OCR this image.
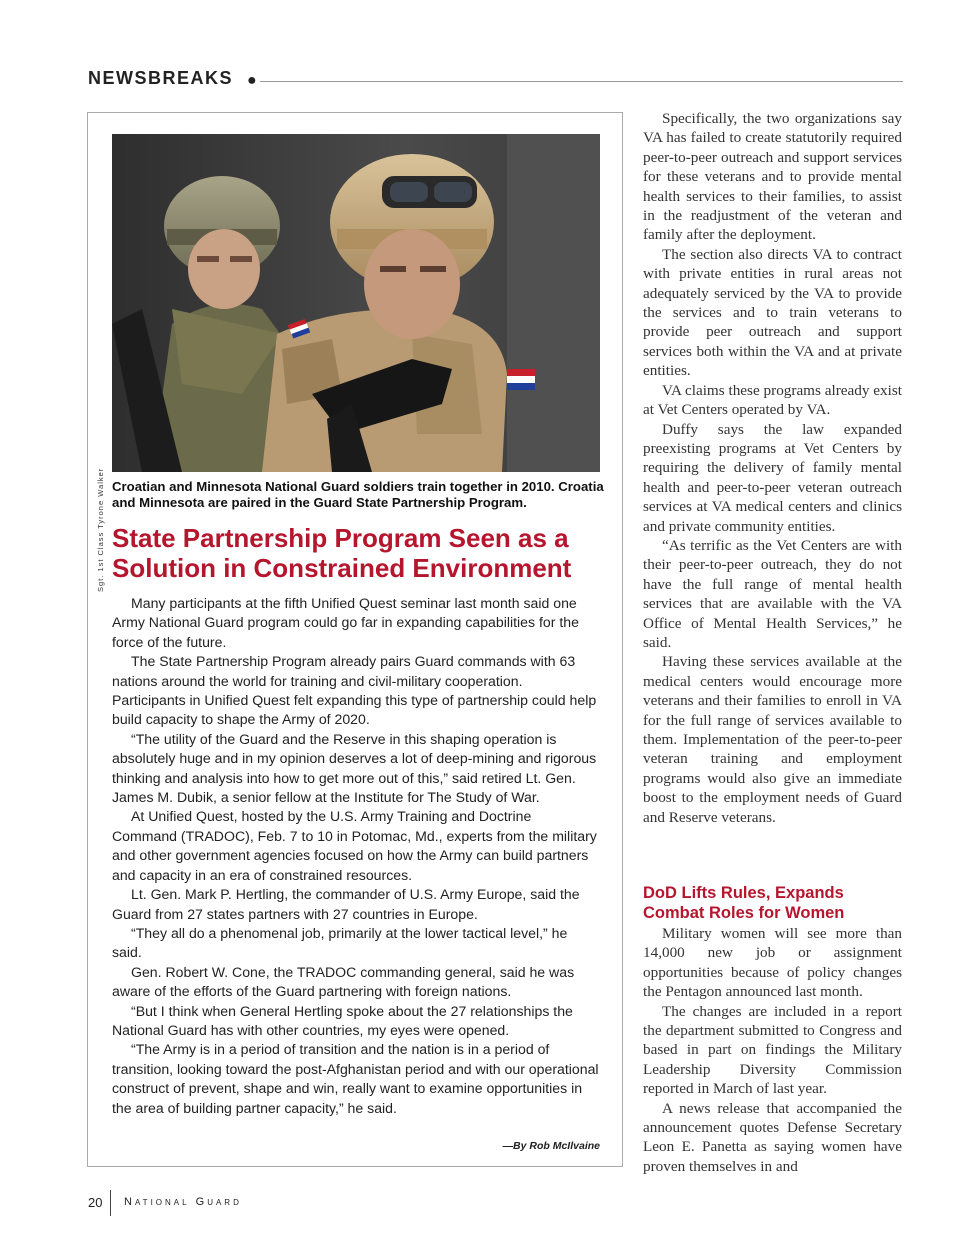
NEWSBREAKS ●
Sgt. 1st Class Tyrone Walker Croatian and Minnesota National Guard soldiers train together in 2010. Croatia and Minnesota are paired in the Guard State Partnership Program.
State Partnership Program Seen as a Solution in Constrained Environment

Many participants at the fifth Unified Quest seminar last month said one Army National Guard program could go far in expanding capabilities for the force of the future.

The State Partnership Program already pairs Guard commands with 63 nations around the world for training and civil-military cooperation. Participants in Unified Quest felt expanding this type of partnership could help build capacity to shape the Army of 2020.

“The utility of the Guard and the Reserve in this shaping operation is absolutely huge and in my opinion deserves a lot of deep-mining and rigorous thinking and analysis into how to get more out of this,” said retired Lt. Gen. James M. Dubik, a senior fellow at the Institute for The Study of War.

At Unified Quest, hosted by the U.S. Army Training and Doctrine Command (TRADOC), Feb. 7 to 10 in Potomac, Md., experts from the military and other government agencies focused on how the Army can build partners and capacity in an era of constrained resources.

Lt. Gen. Mark P. Hertling, the commander of U.S. Army Europe, said the Guard from 27 states partners with 27 countries in Europe.

“They all do a phenomenal job, primarily at the lower tactical level,” he said.

Gen. Robert W. Cone, the TRADOC commanding general, said he was aware of the efforts of the Guard partnering with foreign nations.

“But I think when General Hertling spoke about the 27 relationships the National Guard has with other countries, my eyes were opened.

“The Army is in a period of transition and the nation is in a period of transition, looking toward the post-Afghanistan period and with our operational construct of prevent, shape and win, really want to examine opportunities in the area of building partner capacity,” he said.

—By Rob McIlvaine

Specifically, the two organizations say VA has failed to create statutorily required peer-to-peer outreach and support services for these veterans and to provide mental health services to their families, to assist in the readjustment of the veteran and family after the deployment.

The section also directs VA to contract with private entities in rural areas not adequately serviced by the VA to provide the services and to train veterans to provide peer outreach and support services both within the VA and at private entities.

VA claims these programs already exist at Vet Centers operated by VA.

Duffy says the law expanded preexisting programs at Vet Centers by requiring the delivery of family mental health and peer-to-peer veteran outreach services at VA medical centers and clinics and private community entities.

“As terrific as the Vet Centers are with their peer-to-peer outreach, they do not have the full range of mental health services that are available with the VA Office of Mental Health Services,” he said.

Having these services available at the medical centers would encourage more veterans and their families to enroll in VA for the full range of services available to them. Implementation of the peer-to-peer veteran training and employment programs would also give an immediate boost to the employment needs of Guard and Reserve veterans.

DoD Lifts Rules, Expands Combat Roles for Women

Military women will see more than 14,000 new job or assignment opportunities because of policy changes the Pentagon announced last month.

The changes are included in a report the department submitted to Congress and based in part on findings the Military Leadership Diversity Commission reported in March of last year.

A news release that accompanied the announcement quotes Defense Secretary Leon E. Panetta as saying women have proven themselves in and

20 National Guard
